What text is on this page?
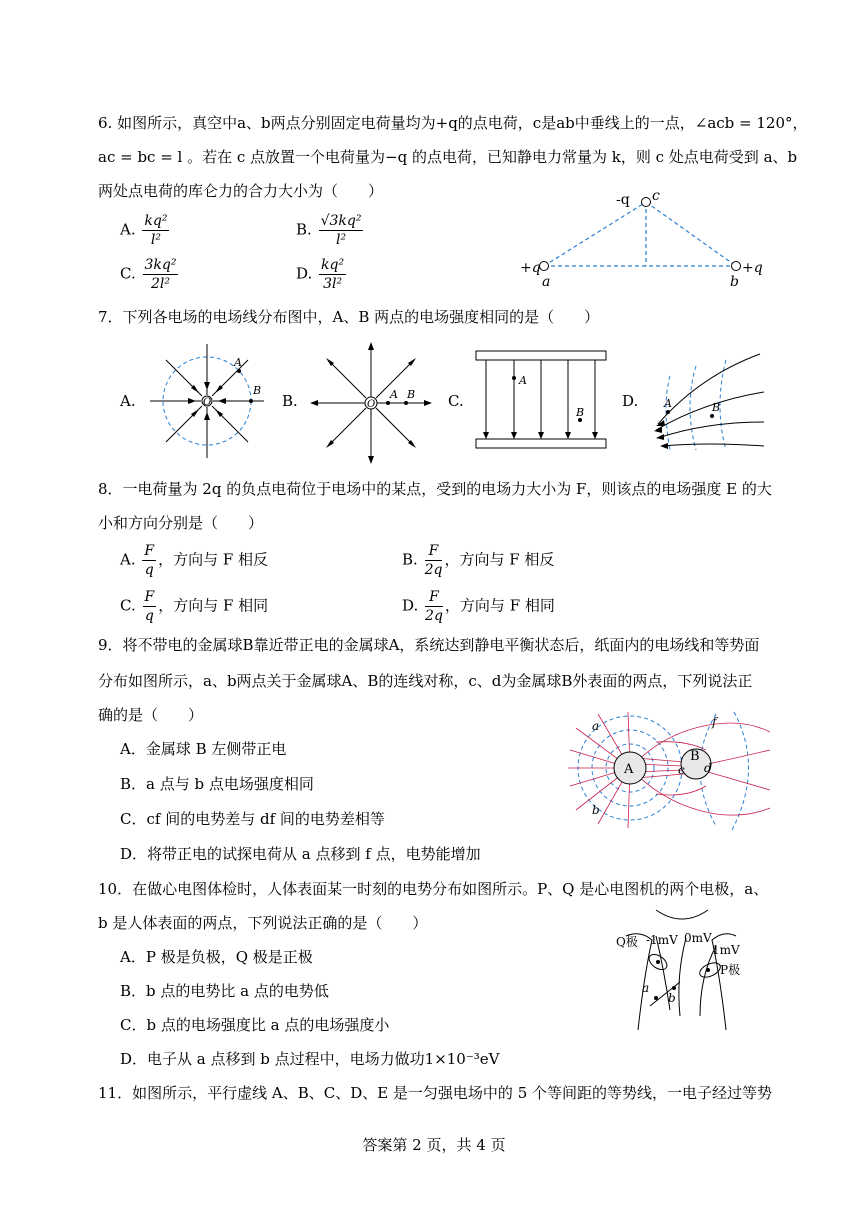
6. 如图所示，真空中a、b两点分别固定电荷量均为+q的点电荷，c是ab中垂线上的一点，∠acb = 120°，
ac = bc = l 。若在 c 点放置一个电荷量为−q 的点电荷，已知静电力常量为 k，则 c 处点电荷受到 a、b
两处点电荷的库仑力的合力大小为（　　）
A. $\frac{\text{kq²}}{\text{l²}}$	B. $\frac{\text{√3kq²}}{\text{l²}}$
C. $\frac{\text{3kq²}}{\text{2l²}}$	D. $\frac{\text{kq²}}{\text{3l²}}$
-q c
+q
a
+q
b
7．下列各电场的电场线分布图中，A、B 两点的电场强度相同的是（　　）
A.	O
A
B
B.	O
A B C.
A
B
D. A	B
8．一电荷量为 2q 的负点电荷位于电场中的某点，受到的电场力大小为 F，则该点的电场强度 E 的大
小和方向分别是（　　）
A. $\frac{F}{q}$ ，方向与 F 相反	B. $\frac{F}{2q}$ ，方向与 F 相反
C. $\frac{F}{q}$ ，方向与 F 相同	D. $\frac{F}{2q}$ ，方向与 F 相同
9．将不带电的金属球B靠近带正电的金属球A，系统达到静电平衡状态后，纸面内的电场线和等势面
分布如图所示，a、b两点关于金属球A、B的连线对称，c、d为金属球B外表面的两点，下列说法正
确的是（　　）
A．金属球 B 左侧带正电
B．a 点与 b 点电场强度相同
C．cf 间的电势差与 df 间的电势差相等
D．将带正电的试探电荷从 a 点移到 f 点，电势能增加
A
B
a
b
c d
f
10．在做心电图体检时，人体表面某一时刻的电势分布如图所示。P、Q 是心电图机的两个电极，a、
b 是人体表面的两点，下列说法正确的是（　　）
A．P 极是负极，Q 极是正极
B．b 点的电势比 a 点的电势低
C．b 点的电场强度比 a 点的电场强度小
D．电子从 a 点移到 b 点过程中，电场力做功1×10⁻³eV
Q极 -1mV 0mV
1mV
P极
a
b
11．如图所示，平行虚线 A、B、C、D、E 是一匀强电场中的 5 个等间距的等势线，一电子经过等势
答案第 2 页，共 4 页
